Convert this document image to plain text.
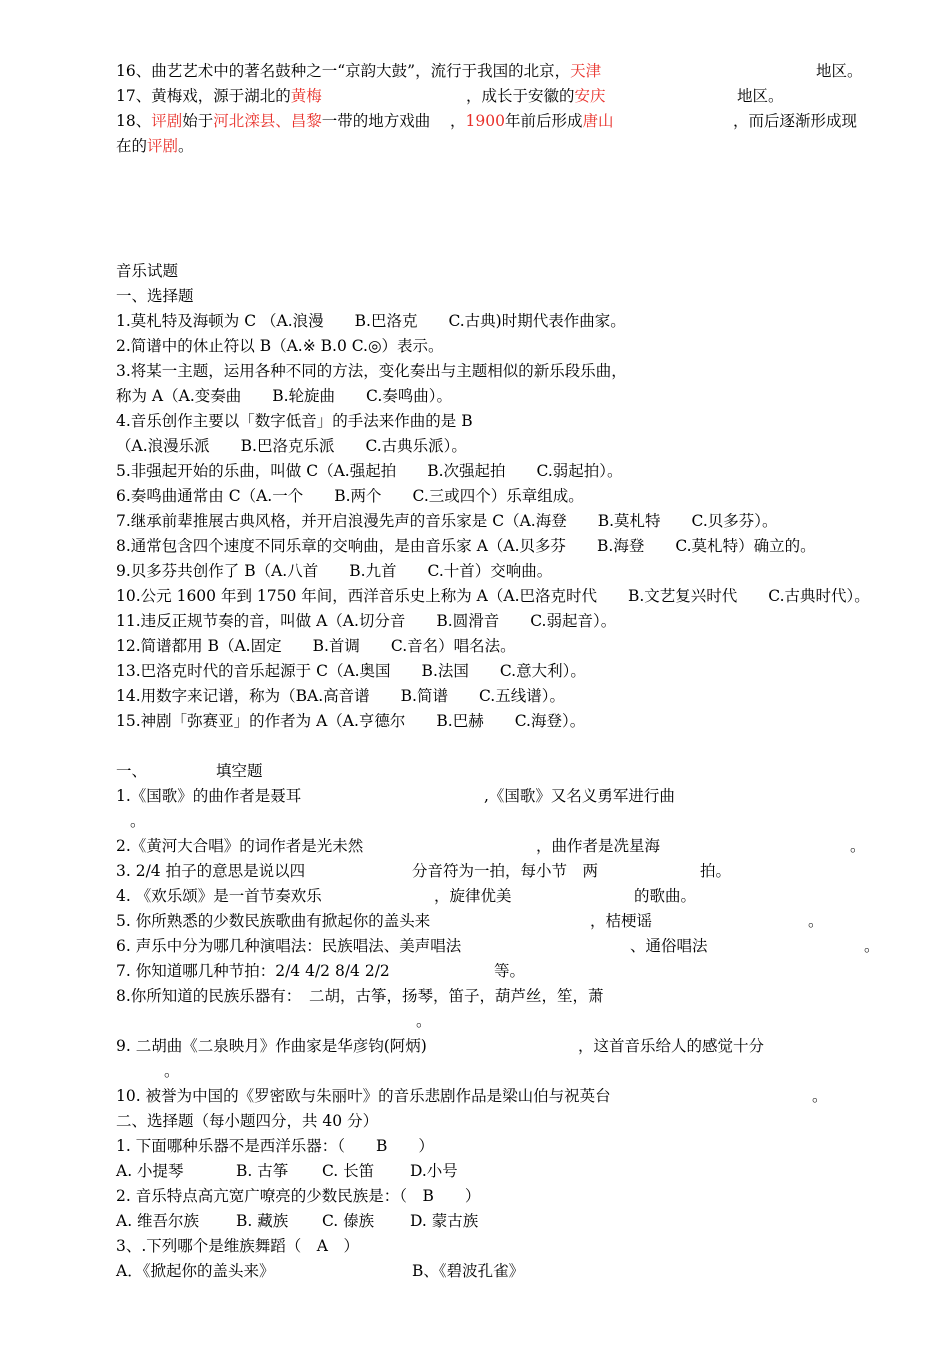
16、曲艺艺术中的著名鼓种之一“京韵大鼓”，流行于我国的北京，天津	地区。
17、黄梅戏，源于湖北的黄梅	，成长于安徽的安庆	地区。
18、评剧始于河北滦县、昌黎一带的地方戏曲 ，1900年前后形成唐山	，而后逐渐形成现
在的评剧。
音乐试题
一、选择题
1.莫札特及海顿为 C （A.浪漫　　B.巴洛克　　C.古典)时期代表作曲家。
2.简谱中的休止符以 B（A.※ B.0 C.◎）表示。
3.将某一主题，运用各种不同的方法，变化奏出与主题相似的新乐段乐曲，
称为 A（A.变奏曲　　B.轮旋曲　　C.奏鸣曲）。
4.音乐创作主要以「数字低音」的手法来作曲的是 B
（A.浪漫乐派　　B.巴洛克乐派　　C.古典乐派）。
5.非强起开始的乐曲，叫做 C（A.强起拍　　B.次强起拍　　C.弱起拍）。
6.奏鸣曲通常由 C（A.一个　　B.两个　　C.三或四个）乐章组成。
7.继承前辈推展古典风格，并开启浪漫先声的音乐家是 C（A.海登　　B.莫札特　　C.贝多芬）。
8.通常包含四个速度不同乐章的交响曲，是由音乐家 A（A.贝多芬　　B.海登　　C.莫札特）确立的。
9.贝多芬共创作了 B（A.八首　　B.九首　　C.十首）交响曲。
10.公元 1600 年到 1750 年间，西洋音乐史上称为 A（A.巴洛克时代　　B.文艺复兴时代　　C.古典时代）。
11.违反正规节奏的音，叫做 A（A.切分音　　B.圆滑音　　C.弱起音）。
12.简谱都用 B（A.固定　　B.首调　　C.音名）唱名法。
13.巴洛克时代的音乐起源于 C（A.奥国　　B.法国　　C.意大利）。
14.用数字来记谱，称为（BA.高音谱　　B.简谱　　C.五线谱）。
15.神剧「弥赛亚」的作者为 A（A.亨德尔　　B.巴赫　　C.海登）。
一、	填空题
1.《国歌》的曲作者是聂耳	,《国歌》又名义勇军进行曲
。
2.《黄河大合唱》的词作者是光未然	，曲作者是冼星海	。
3. 2/4 拍子的意思是说以四	分音符为一拍，每小节　两	拍。
4. 《欢乐颂》是一首节奏欢乐	，旋律优美	的歌曲。
5. 你所熟悉的少数民族歌曲有掀起你的盖头来	，桔梗谣	。
6. 声乐中分为哪几种演唱法：民族唱法、美声唱法	、通俗唱法	。
7. 你知道哪几种节拍：2/4 4/2 8/4 2/2	等。
8.你所知道的民族乐器有：　二胡，古筝，扬琴，笛子，葫芦丝，笙，萧
。
9. 二胡曲《二泉映月》作曲家是华彦钧(阿炳)	，这首音乐给人的感觉十分
。
10. 被誉为中国的《罗密欧与朱丽叶》的音乐悲剧作品是梁山伯与祝英台	。
二、选择题（每小题四分，共 40 分）
1. 下面哪种乐器不是西洋乐器：（　　B　　）
A. 小提琴	B. 古筝 C. 长笛 D.小号
2. 音乐特点高亢宽广嘹亮的少数民族是：（　B　　）
A. 维吾尔族 B. 藏族 C. 傣族 D. 蒙古族
3、.下列哪个是维族舞蹈（　A　）
A．《掀起你的盖头来》	B、《碧波孔雀》
